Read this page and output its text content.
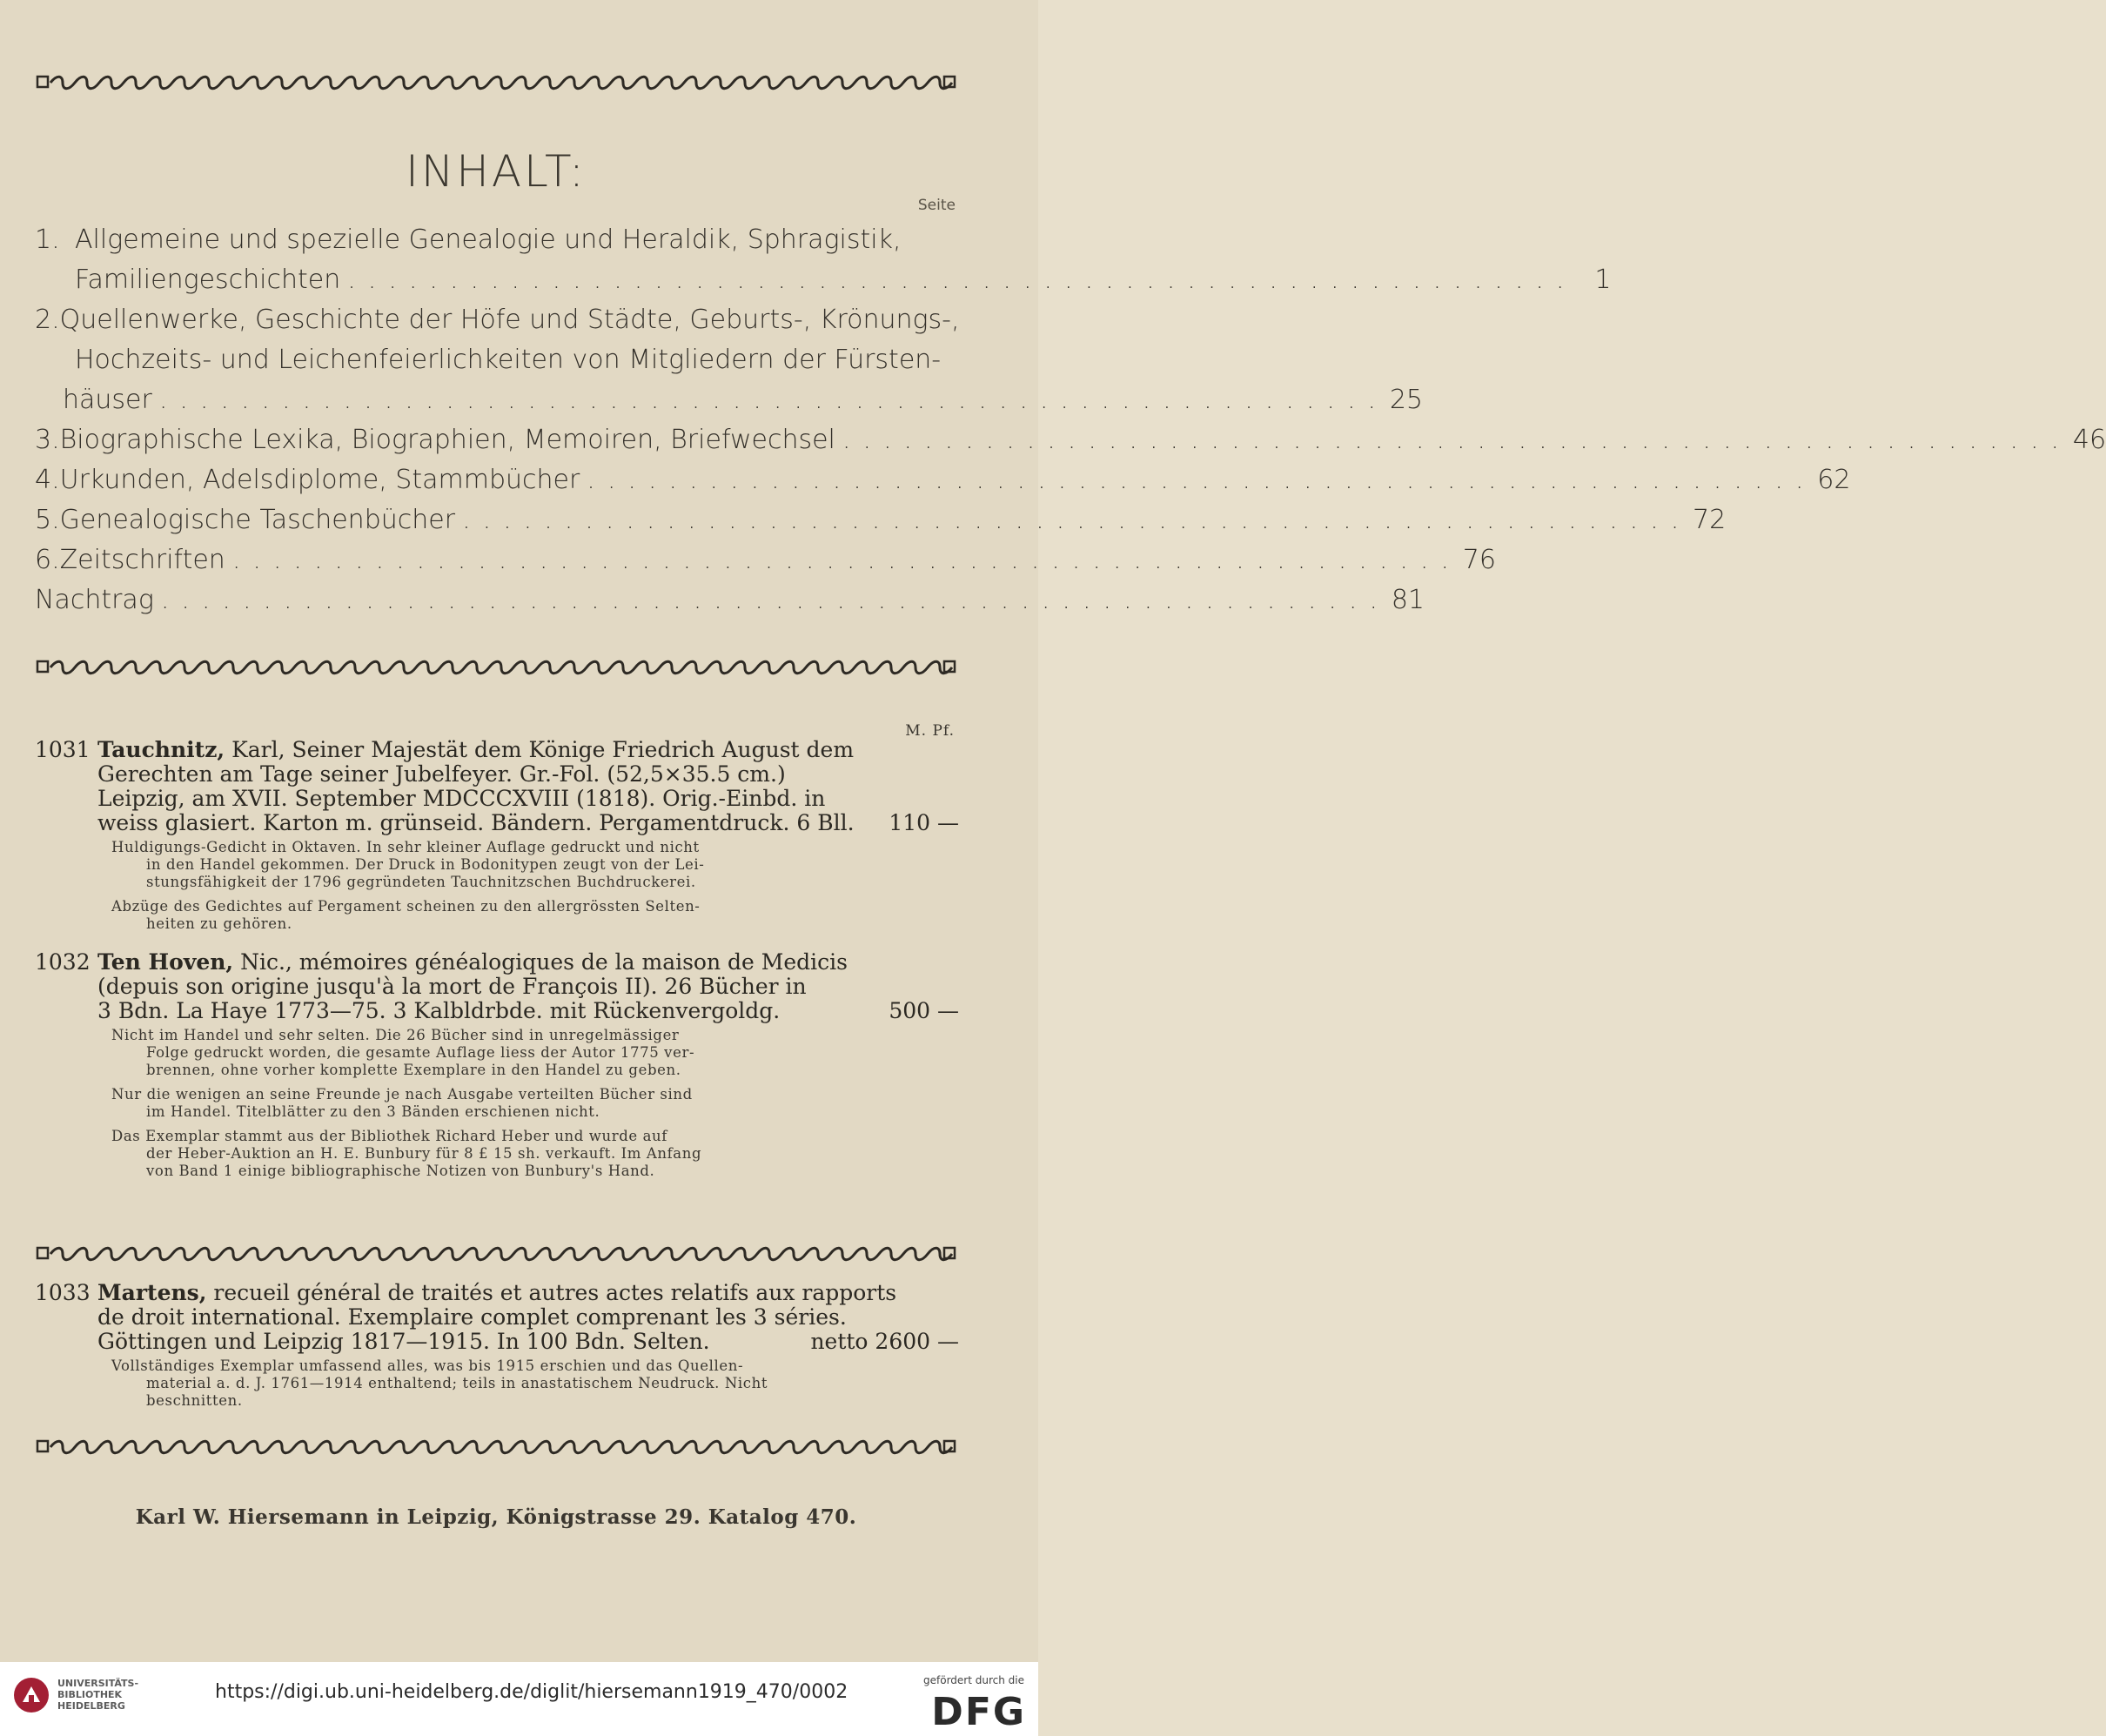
INHALT:
Seite
1. Allgemeine und spezielle Genealogie und Heraldik, Sphragistik,
Familiengeschichten ............................................................ 1
2. Quellenwerke, Geschichte der Höfe und Städte, Geburts-, Krönungs-,
Hochzeits- und Leichenfeierlichkeiten von Mitgliedern der Fürsten-
häuser ............................................................ 25
3. Biographische Lexika, Biographien, Memoiren, Briefwechsel ............................................................ 46
4. Urkunden, Adelsdiplome, Stammbücher ............................................................ 62
5. Genealogische Taschenbücher ............................................................ 72
6. Zeitschriften ............................................................ 76
Nachtrag ............................................................ 81
M. Pf.
1031 Tauchnitz, Karl, Seiner Majestät dem Könige Friedrich August dem
Gerechten am Tage seiner Jubelfeyer. Gr.-Fol. (52,5×35.5 cm.)
Leipzig, am XVII. September MDCCCXVIII (1818). Orig.-Einbd. in
weiss glasiert. Karton m. grünseid. Bändern. Pergamentdruck. 6 Bll. 110 —
Huldigungs-Gedicht in Oktaven. In sehr kleiner Auflage gedruckt und nicht
in den Handel gekommen. Der Druck in Bodonitypen zeugt von der Lei-
stungsfähigkeit der 1796 gegründeten Tauchnitzschen Buchdruckerei.
Abzüge des Gedichtes auf Pergament scheinen zu den allergrössten Selten-
heiten zu gehören.
1032 Ten Hoven, Nic., mémoires généalogiques de la maison de Medicis
(depuis son origine jusqu'à la mort de François II). 26 Bücher in
3 Bdn. La Haye 1773—75. 3 Kalbldrbde. mit Rückenvergoldg.	500 —
Nicht im Handel und sehr selten. Die 26 Bücher sind in unregelmässiger
Folge gedruckt worden, die gesamte Auflage liess der Autor 1775 ver-
brennen, ohne vorher komplette Exemplare in den Handel zu geben.
Nur die wenigen an seine Freunde je nach Ausgabe verteilten Bücher sind
im Handel. Titelblätter zu den 3 Bänden erschienen nicht.
Das Exemplar stammt aus der Bibliothek Richard Heber und wurde auf
der Heber-Auktion an H. E. Bunbury für 8 £ 15 sh. verkauft. Im Anfang
von Band 1 einige bibliographische Notizen von Bunbury's Hand.
1033 Martens, recueil général de traités et autres actes relatifs aux rapports
de droit international. Exemplaire complet comprenant les 3 séries.
Göttingen und Leipzig 1817—1915. In 100 Bdn. Selten.	netto 2600 —
Vollständiges Exemplar umfassend alles, was bis 1915 erschien und das Quellen-
material a. d. J. 1761—1914 enthaltend; teils in anastatischem Neudruck. Nicht
beschnitten.
Karl W. Hiersemann in Leipzig, Königstrasse 29. Katalog 470.
UNIVERSITÄTS-
BIBLIOTHEK
HEIDELBERG
https://digi.ub.uni-heidelberg.de/diglit/hiersemann1919_470/0002
gefördert durch die
DFG
